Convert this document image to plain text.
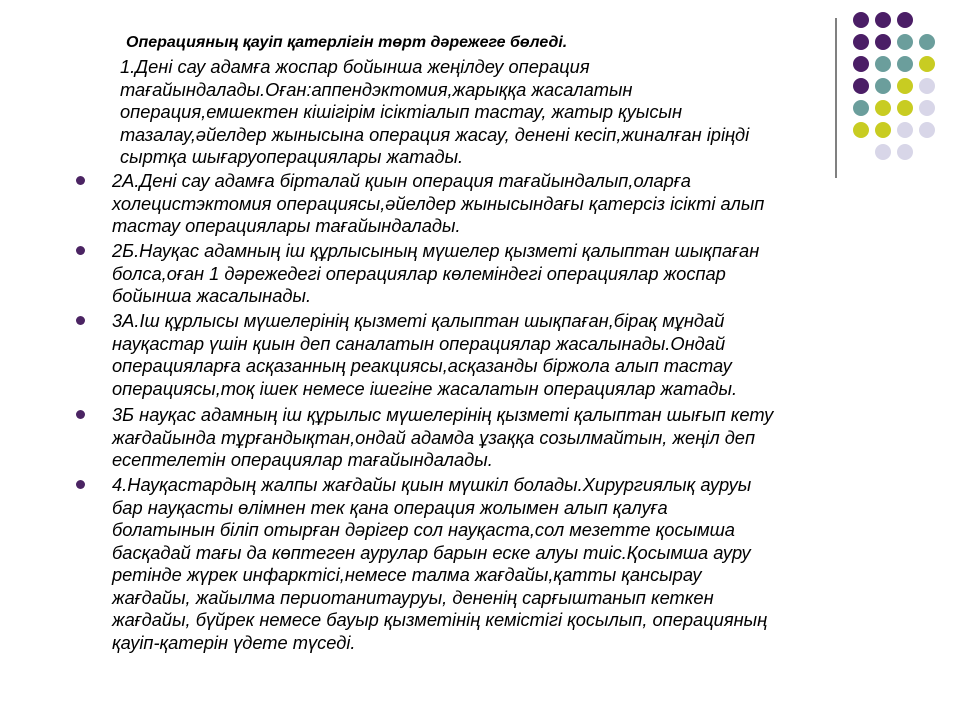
Операцияның қауіп қатерлігін төрт дәрежеге бөледі.
1.Дені сау адамға жоспар бойынша жеңілдеу операция
тағайындалады.Оған:аппендэктомия,жарыққа жасалатын
операция,емшектен кішігірім ісіктіалып тастау, жатыр қуысын
тазалау,әйелдер жынысына операция жасау, денені кесіп,жиналған іріңді
сыртқа шығаруоперациялары жатады.
2А.Дені сау адамға бірталай қиын операция тағайындалып,оларға
холецистэктомия операциясы,әйелдер жынысындағы қатерсіз ісікті алып
тастау операциялары тағайындалады.
2Б.Науқас адамның іш құрлысының мүшелер қызметі қалыптан шықпаған
болса,оған 1 дәрежедегі операциялар көлеміндегі операциялар жоспар
бойынша жасалынады.
3А.Іш құрлысы мүшелерінің қызметі қалыптан шықпаған,бірақ мұндай
науқастар үшін қиын деп саналатын операциялар жасалынады.Ондай
операцияларға асқазанның реакциясы,асқазанды біржола алып тастау
операциясы,тоқ ішек немесе ішегіне жасалатын операциялар жатады.
3Б науқас адамның іш құрылыс мүшелерінің қызметі қалыптан шығып кету
жағдайында тұрғандықтан,ондай адамда ұзаққа созылмайтын, жеңіл деп
есептелетін операциялар тағайындалады.
4.Науқастардың жалпы жағдайы қиын мүшкіл болады.Хирургиялық ауруы
бар науқасты өлімнен тек қана операция жолымен алып қалуға
болатынын біліп отырған дәрігер сол науқаста,сол мезетте қосымша
басқадай тағы да көптеген аурулар барын еске алуы тиіс.Қосымша ауру
ретінде жүрек инфарктісі,немесе талма жағдайы,қатты қансырау
жағдайы, жайылма периотанитауруы, дененің сарғыштанып кеткен
жағдайы, бүйрек немесе бауыр қызметінің кемістігі қосылып, операцияның
қауіп-қатерін үдете түседі.
